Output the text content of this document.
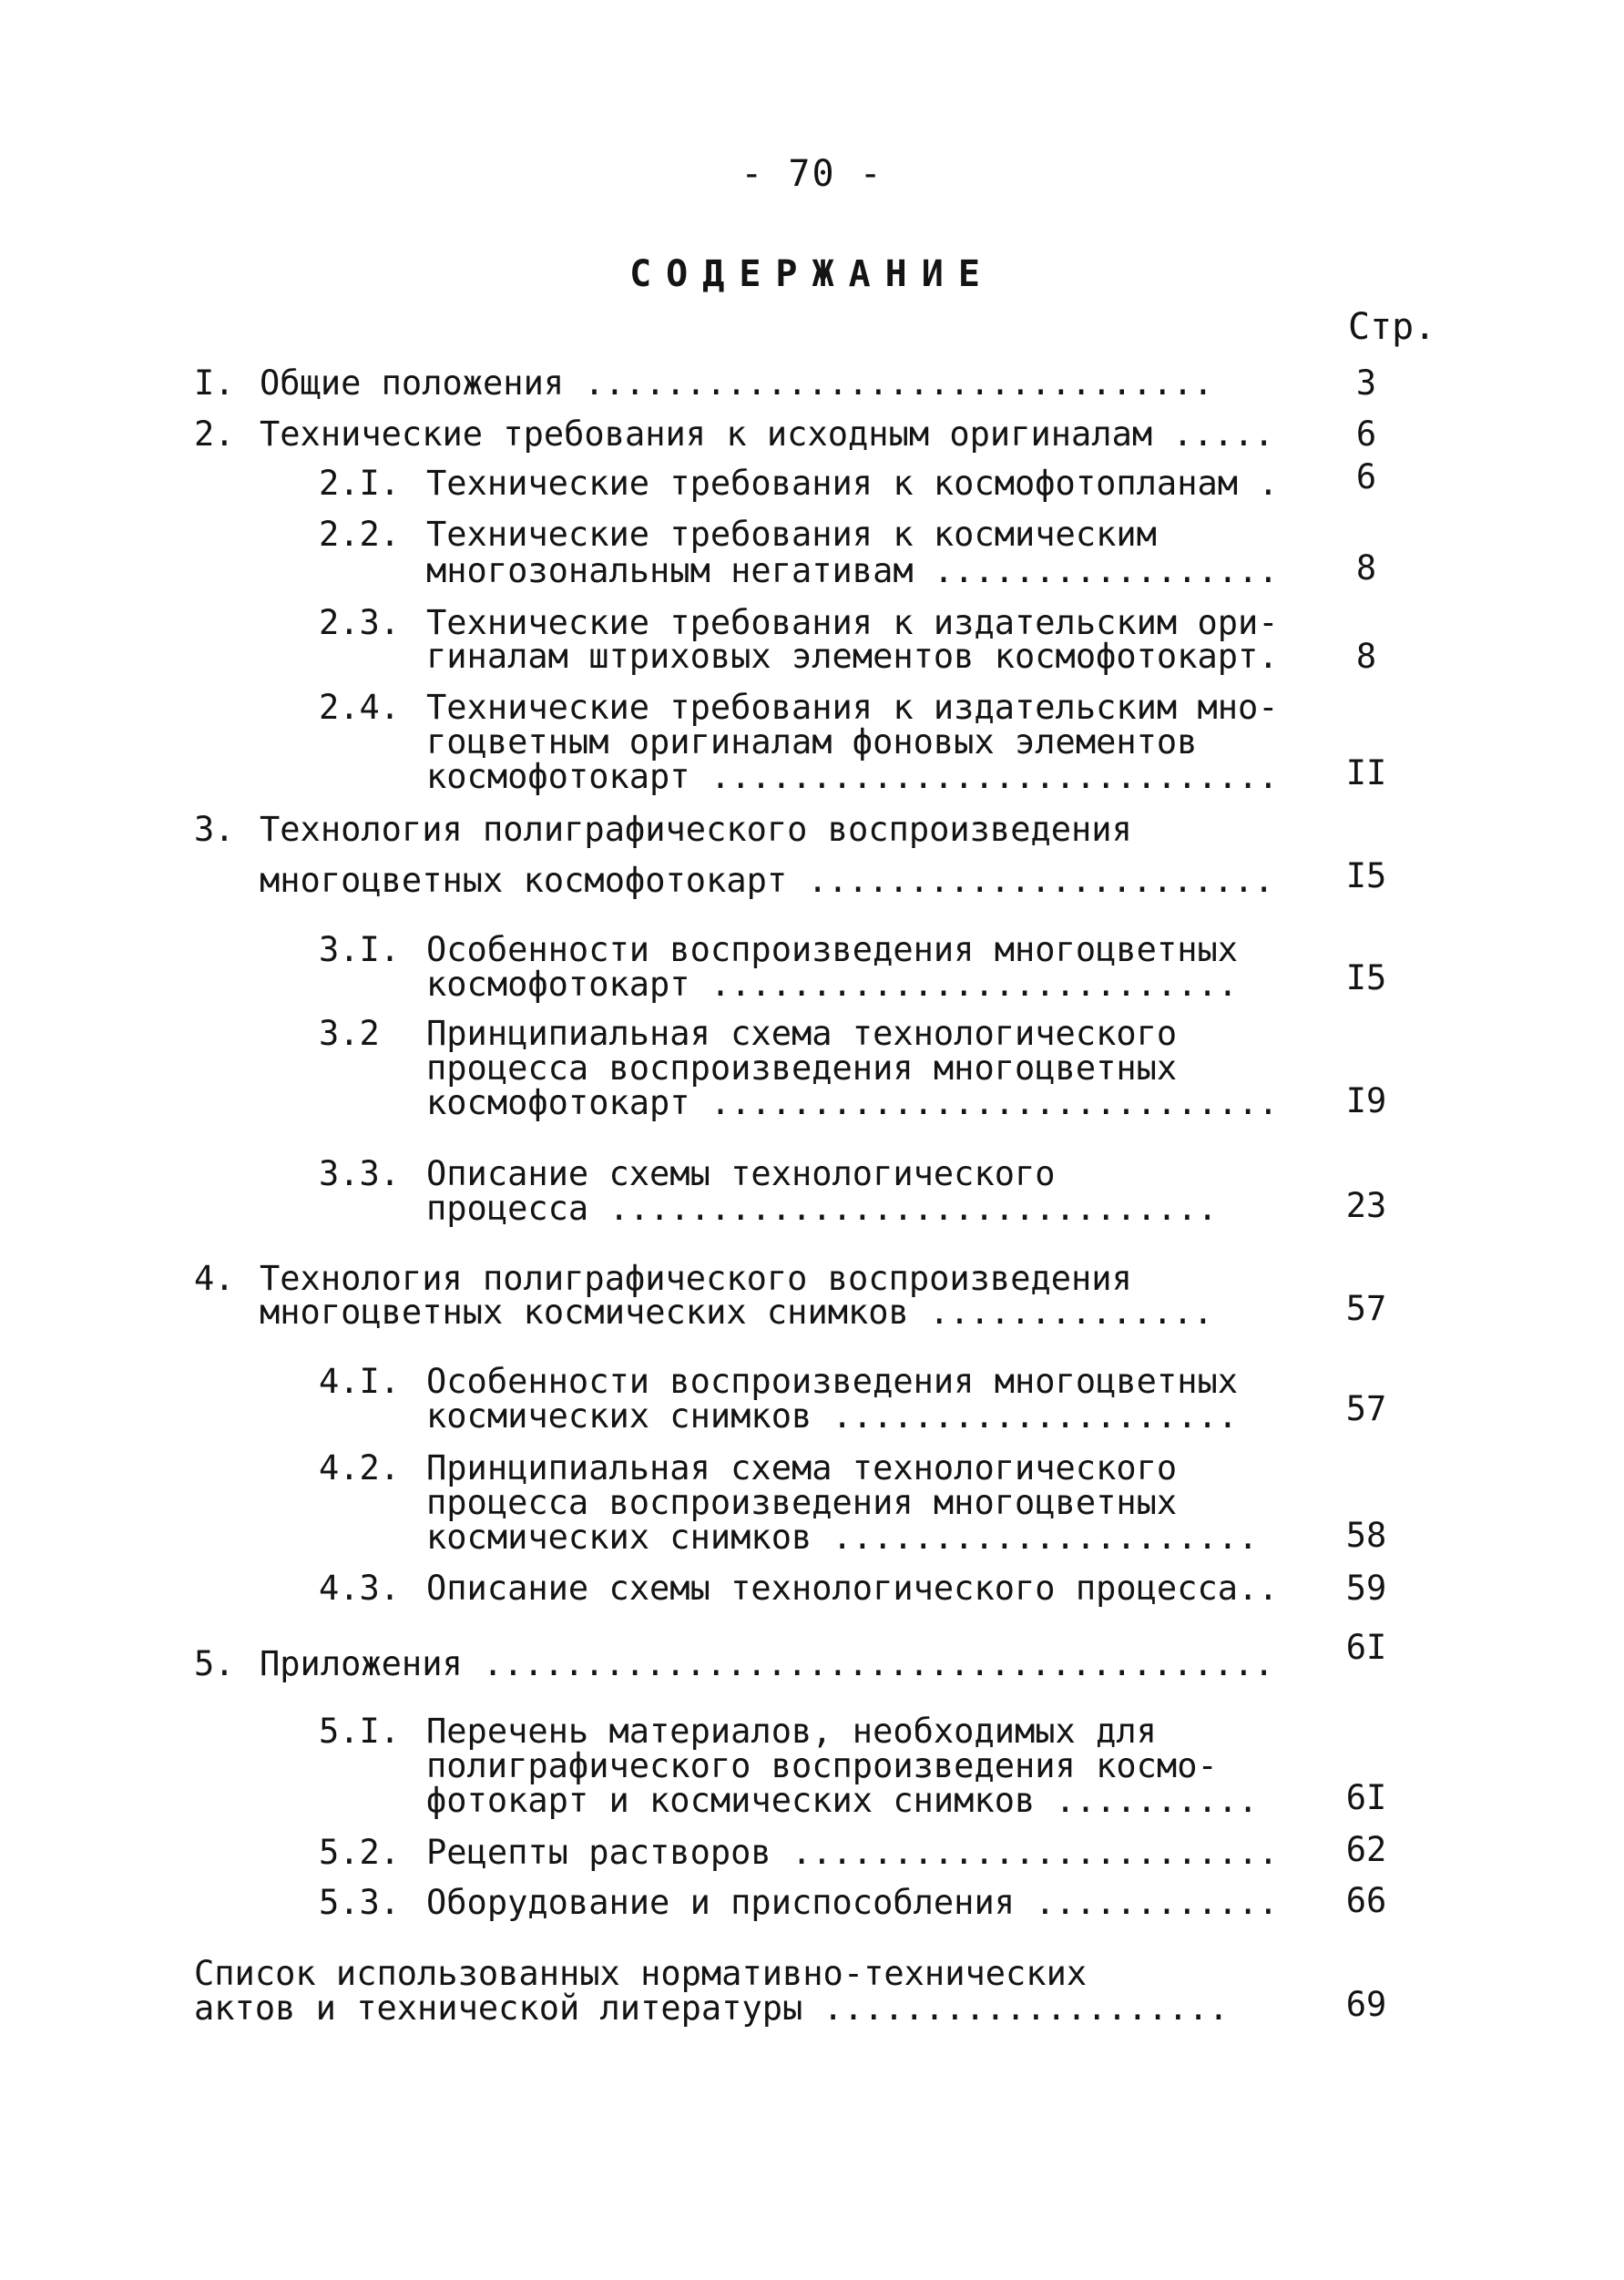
- 70 -
СОДЕРЖАНИЕ
Стр.
I. Общие положения ...............................	3
2. Технические требования к исходным оригиналам .....	6
2.I. Технические требования к космофотопланам .	6
2.2. Технические требования к космическим
многозональным негативам .................	8
2.3. Технические требования к издательским ори-
гиналам штриховых элементов космофотокарт.	8
2.4. Технические требования к издательским мно-
гоцветным оригиналам фоновых элементов
космофотокарт ............................ II
3. Технология полиграфического воспроизведения
многоцветных космофотокарт ....................... I5
3.I. Особенности воспроизведения многоцветных
космофотокарт ..........................	I5
3.2 Принципиальная схема технологического
процесса воспроизведения многоцветных
космофотокарт ............................ I9
3.3. Описание схемы технологического
процесса ..............................	23
4. Технология полиграфического воспроизведения
многоцветных космических снимков ..............	57
4.I. Особенности воспроизведения многоцветных
космических снимков ....................	57
4.2. Принципиальная схема технологического
процесса воспроизведения многоцветных
космических снимков .....................	58
4.3. Описание схемы технологического процесса.. 59
5. Приложения ....................................... 6I
5.I. Перечень материалов, необходимых для
полиграфического воспроизведения космо-
фотокарт и космических снимков ..........	6I
5.2. Рецепты растворов ........................ 62
5.3. Оборудование и приспособления ............ 66
Список использованных нормативно-технических
актов и технической литературы ....................	69
